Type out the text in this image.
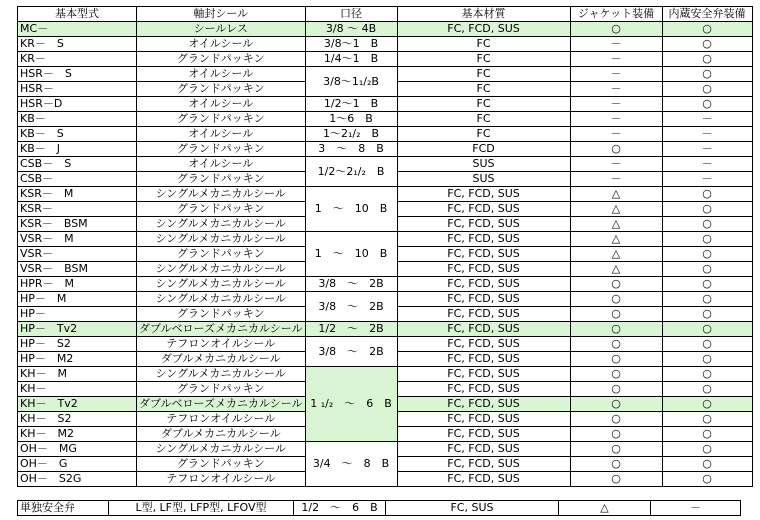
基本型式	軸封シール	口径	基本材質	ジャケット装備	内蔵安全弁装備
MC－	シールレス	3/8 ～ 4B	FC, FCD, SUS	○	○
KR－　S	オイルシール	3/8～1　B	FC	－	○
KR－	グランドパッキン	1/4～1　B	FC	－	○
HSR－　S	オイルシール	3/8～1₁/₂B	FC	－	○
HSR－	グランドパッキン		FC	－	○
HSR－D	オイルシール	1/2～1　B	FC	－	○
KB－	グランドパッキン	1～6　B	FC	－	－
KB－　S	オイルシール	1～2₁/₂　B	FC	－	－
KB－　J	グランドパッキン	3　～　8　B	FCD	○	－
CSB－　S	オイルシール	1/2～2₁/₂　B	SUS	－	－
CSB－	グランドパッキン		SUS	－	－
KSR－　M	シングルメカニカルシール	1　～　10　B	FC, FCD, SUS	△	○
KSR－	グランドパッキン		FC, FCD, SUS	△	○
KSR－　BSM	シングルメカニカルシール		FC, FCD, SUS	△	○
VSR－　M	シングルメカニカルシール	1　～　10　B	FC, FCD, SUS	△	○
VSR－	グランドパッキン		FC, FCD, SUS	△	○
VSR－　BSM	シングルメカニカルシール		FC, FCD, SUS	△	○
HPR－　M	シングルメカニカルシール	3/8　～　2B	FC, FCD, SUS	○	○
HP－　M	シングルメカニカルシール	3/8　～　2B	FC, FCD, SUS	○	○
HP－	グランドパッキン		FC, FCD, SUS	○	○
HP－　Tv2	ダブルベローズメカニカルシール	1/2　～　2B	FC, FCD, SUS	○	○
HP－　S2	テフロンオイルシール	3/8　～　2B	FC, FCD, SUS	○	○
HP－　M2	ダブルメカニカルシール		FC, FCD, SUS	○	○
KH－　M	シングルメカニカルシール	1 ₁/₂　～　6　B	FC, FCD, SUS	○	○
KH－	グランドパッキン		FC, FCD, SUS	○	○
KH－　Tv2	ダブルベローズメカニカルシール		FC, FCD, SUS	○	○
KH－　S2	テフロンオイルシール		FC, FCD, SUS	○	○
KH－　M2	ダブルメカニカルシール		FC, FCD, SUS	○	○
OH－　MG	シングルメカニカルシール	3/4　～　8　B	FC, FCD, SUS	○	○
OH－　G	グランドパッキン		FC, FCD, SUS	○	○
OH－　S2G	テフロンオイルシール		FC, FCD, SUS	○	○
単独安全弁	L型, LF型, LFP型, LFOV型	1/2　～　6　B	FC, SUS	△	－
